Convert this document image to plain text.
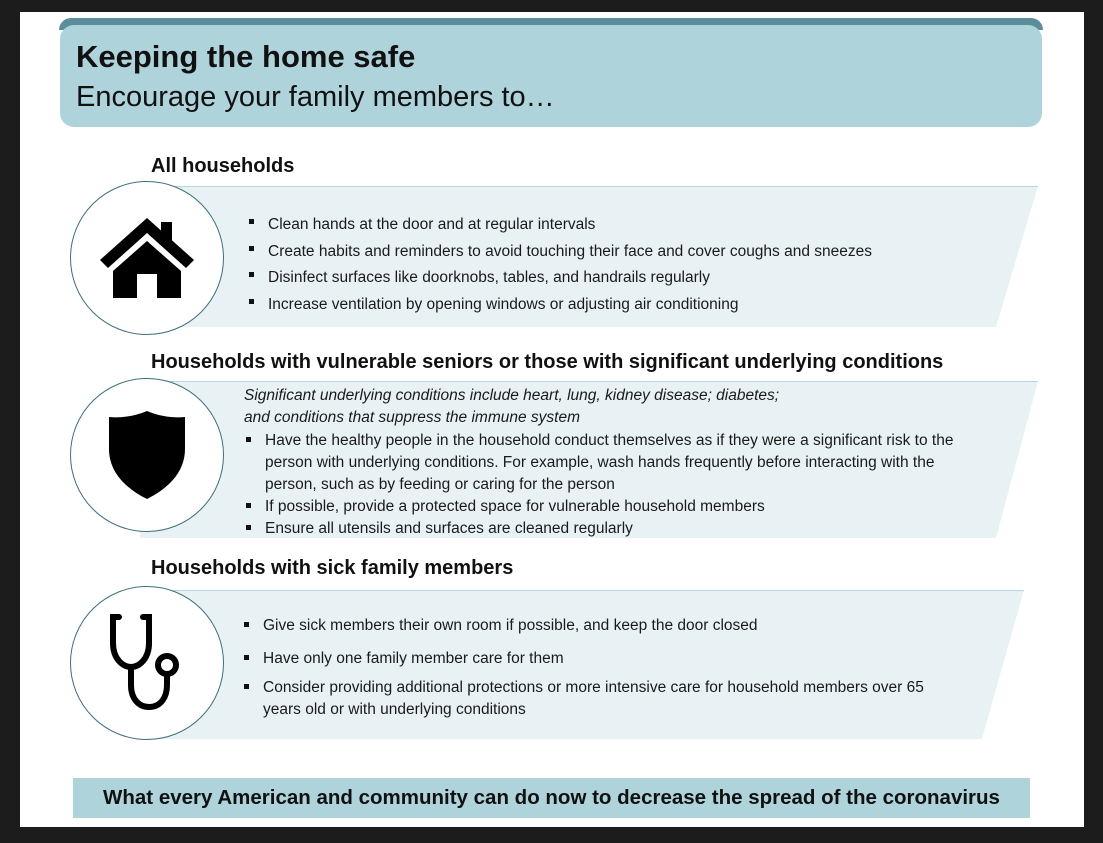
Keeping the home safe
Encourage your family members to…
All households
Clean hands at the door and at regular intervals
Create habits and reminders to avoid touching their face and cover coughs and sneezes
Disinfect surfaces like doorknobs, tables, and handrails regularly
Increase ventilation by opening windows or adjusting air conditioning
Households with vulnerable seniors or those with significant underlying conditions
Significant underlying conditions include heart, lung, kidney disease; diabetes;
and conditions that suppress the immune system
Have the healthy people in the household conduct themselves as if they were a significant risk to the
person with underlying conditions. For example, wash hands frequently before interacting with the
person, such as by feeding or caring for the person
If possible, provide a protected space for vulnerable household members
Ensure all utensils and surfaces are cleaned regularly
Households with sick family members
Give sick members their own room if possible, and keep the door closed
Have only one family member care for them
Consider providing additional protections or more intensive care for household members over 65
years old or with underlying conditions
What every American and community can do now to decrease the spread of the coronavirus
